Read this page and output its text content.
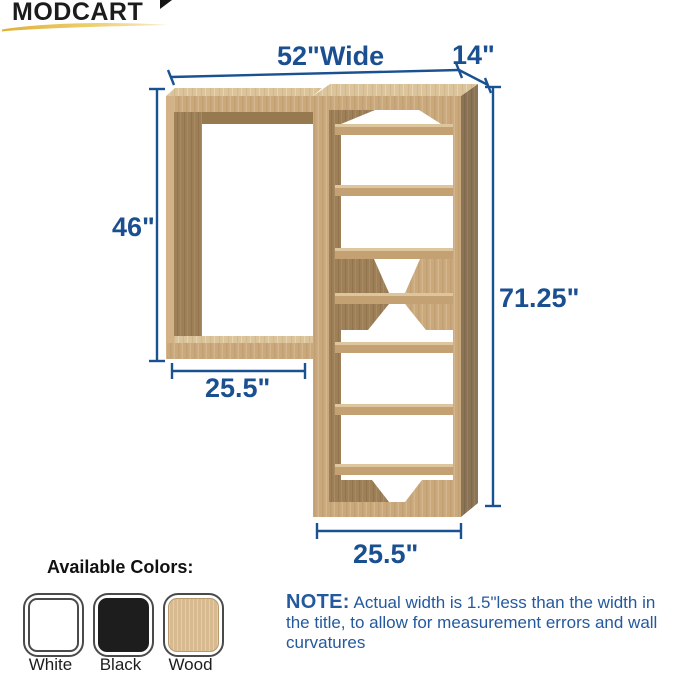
MODCART
52"Wide	14"
46"
25.5"
71.25"
25.5"
Available Colors:
White	Black	Wood
NOTE: Actual width is 1.5"less than the width in the title, to allow for measurement errors and wall curvatures
